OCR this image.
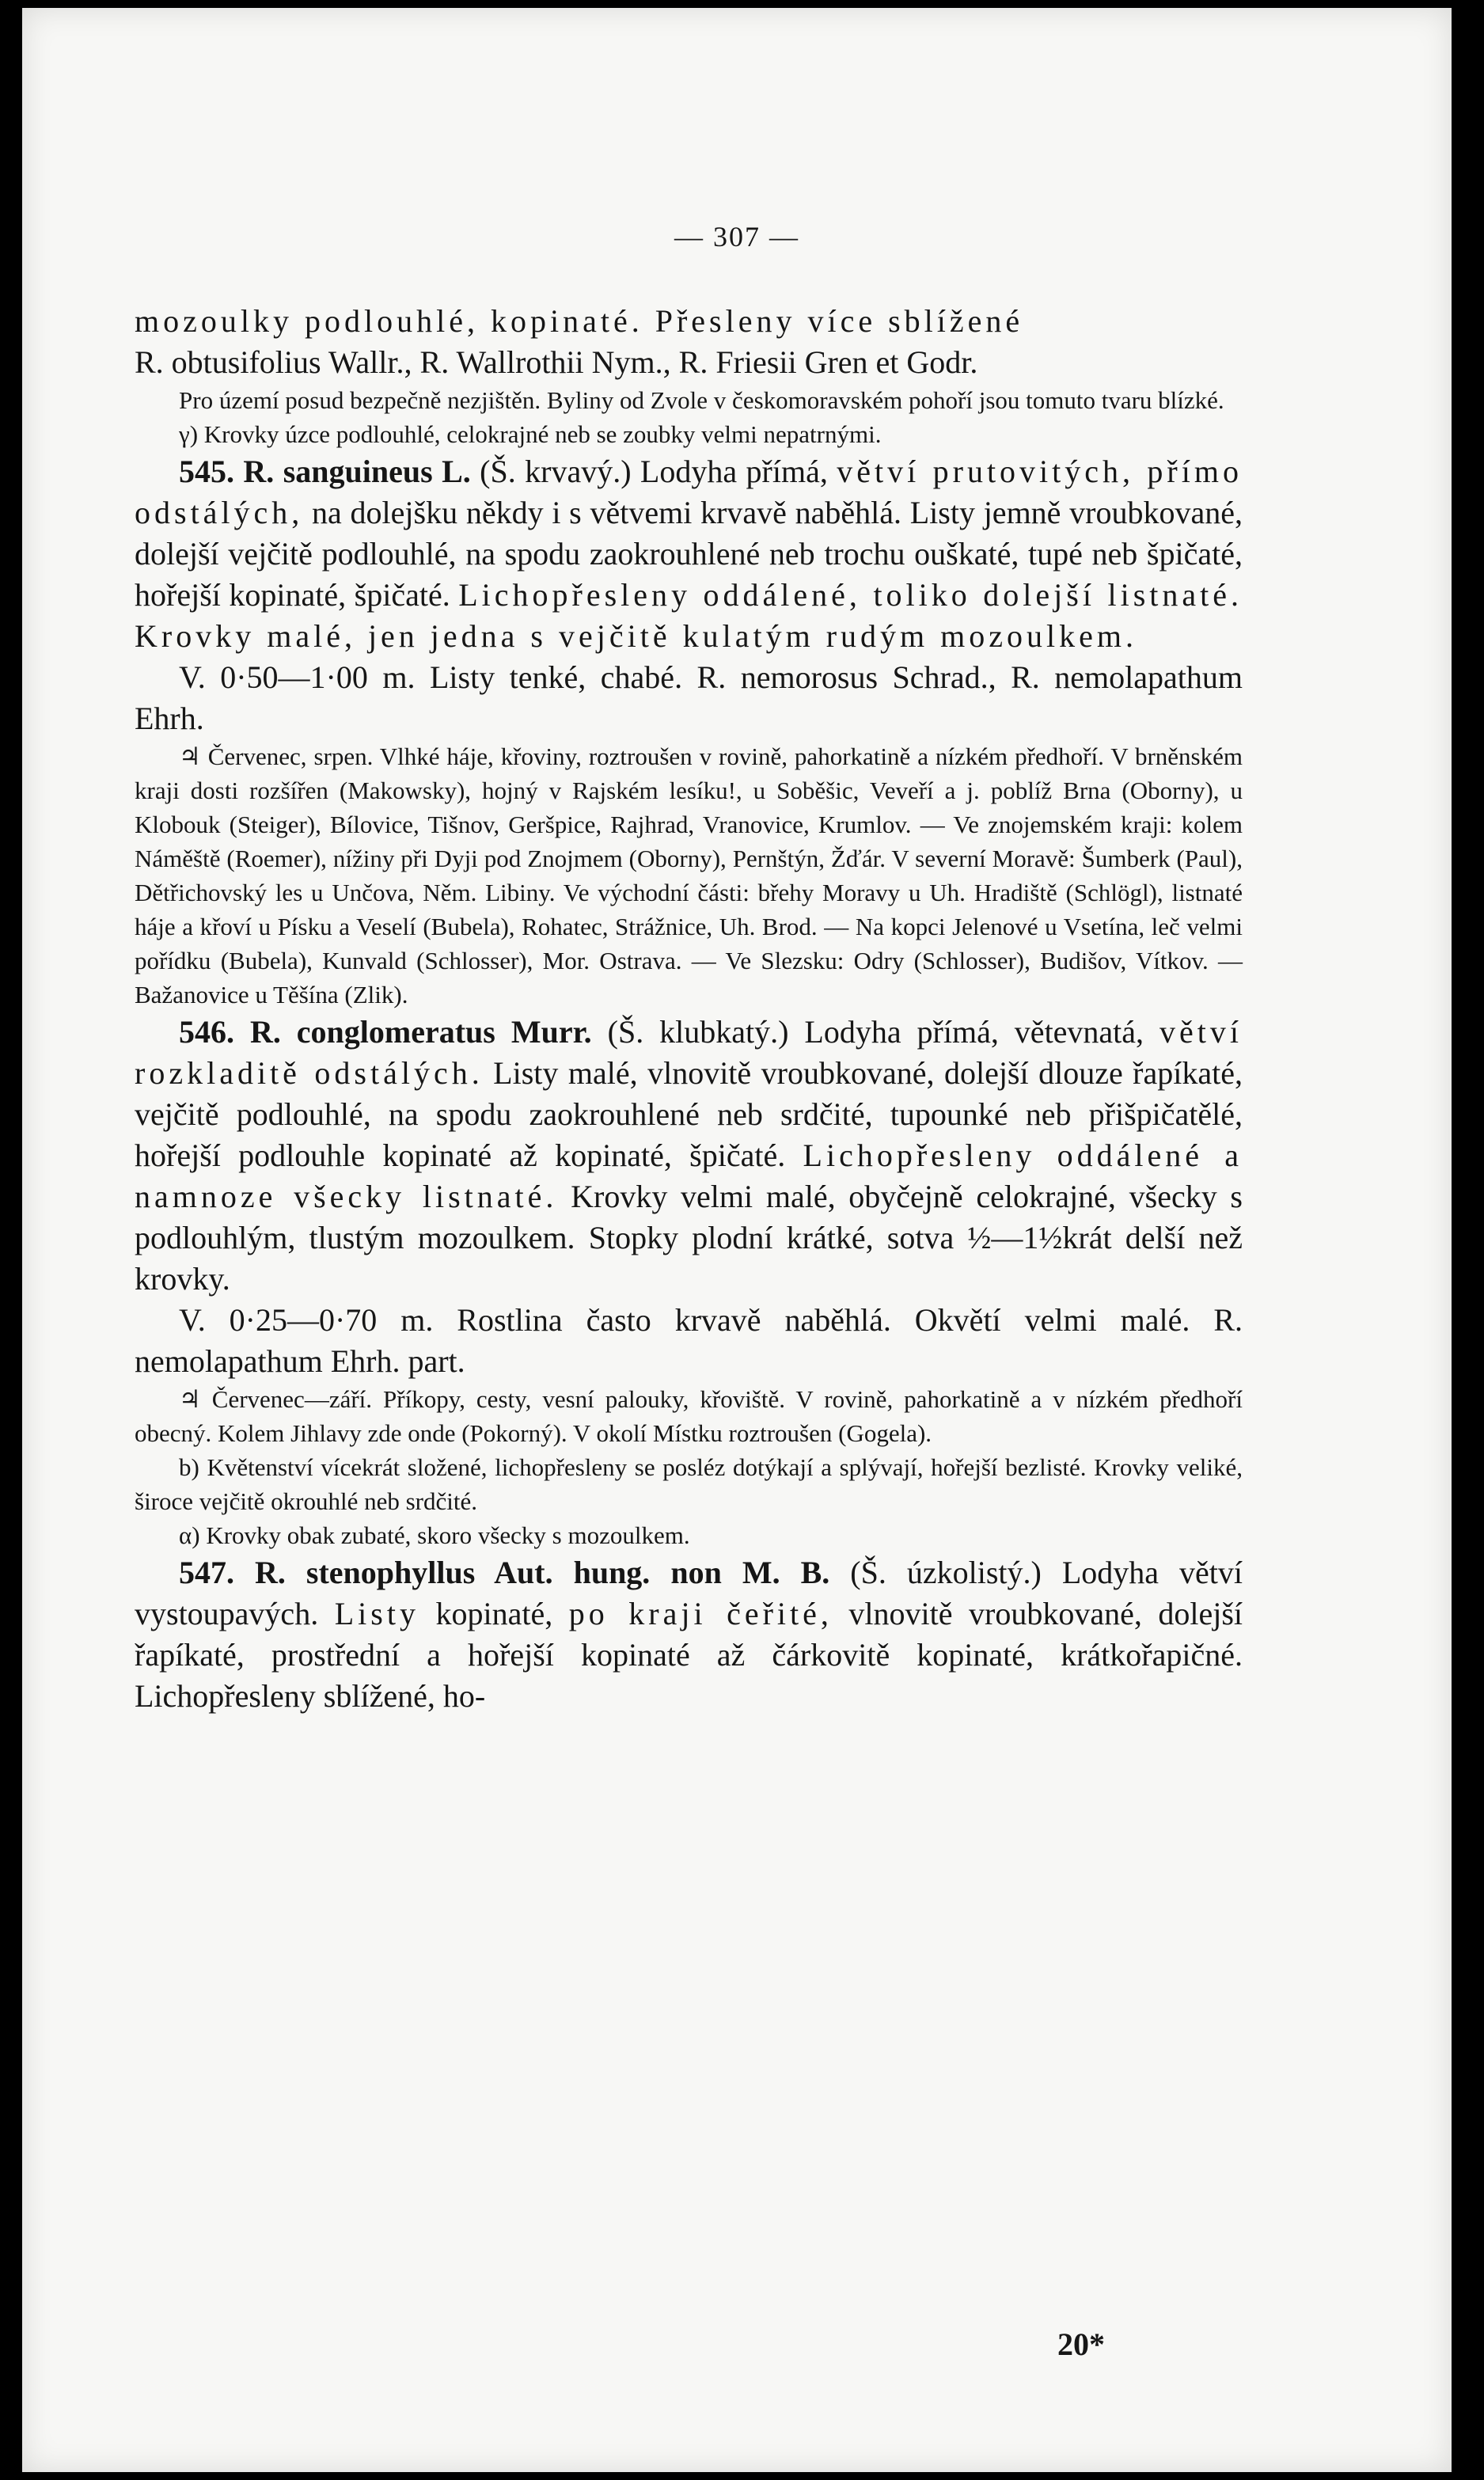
— 307 —

mozoulky podlouhlé, kopinaté. Přesleny více sblížené

R. obtusifolius Wallr., R. Wallrothii Nym., R. Friesii Gren et Godr.

Pro území posud bezpečně nezjištěn. Byliny od Zvole v českomoravském pohoří jsou tomuto tvaru blízké.

γ) Krovky úzce podlouhlé, celokrajné neb se zoubky velmi nepatrnými.

545. R. sanguineus L. (Š. krvavý.) Lodyha přímá, větví prutovitých, přímo odstálých, na dolejšku někdy i s větvemi krvavě naběhlá. Listy jemně vroubkované, dolejší vejčitě podlouhlé, na spodu zaokrouhlené neb trochu ouškaté, tupé neb špičaté, hořejší kopinaté, špičaté. Lichopřesleny oddálené, toliko dolejší listnaté. Krovky malé, jen jedna s vejčitě kulatým rudým mozoulkem.

V. 0·50—1·00 m. Listy tenké, chabé. R. nemorosus Schrad., R. nemolapathum Ehrh.

♃ Červenec, srpen. Vlhké háje, křoviny, roztroušen v rovině, pahorkatině a nízkém předhoří. V brněnském kraji dosti rozšířen (Makowsky), hojný v Rajském lesíku!, u Soběšic, Veveří a j. poblíž Brna (Oborny), u Klobouk (Steiger), Bílovice, Tišnov, Geršpice, Rajhrad, Vranovice, Krumlov. — Ve znojemském kraji: kolem Náměště (Roemer), nížiny při Dyji pod Znojmem (Oborny), Pernštýn, Žďár. V severní Moravě: Šumberk (Paul), Dětřichovský les u Unčova, Něm. Libiny. Ve východní části: břehy Moravy u Uh. Hradiště (Schlögl), listnaté háje a křoví u Písku a Veselí (Bubela), Rohatec, Strážnice, Uh. Brod. — Na kopci Jelenové u Vsetína, leč velmi pořídku (Bubela), Kunvald (Schlosser), Mor. Ostrava. — Ve Slezsku: Odry (Schlosser), Budišov, Vítkov. — Bažanovice u Těšína (Zlik).

546. R. conglomeratus Murr. (Š. klubkatý.) Lodyha přímá, větevnatá, větví rozkladitě odstálých. Listy malé, vlnovitě vroubkované, dolejší dlouze řapíkaté, vejčitě podlouhlé, na spodu zaokrouhlené neb srdčité, tupounké neb přišpičatělé, hořejší podlouhle kopinaté až kopinaté, špičaté. Lichopřesleny oddálené a namnoze všecky listnaté. Krovky velmi malé, obyčejně celokrajné, všecky s podlouhlým, tlustým mozoulkem. Stopky plodní krátké, sotva ½—1½krát delší než krovky.

V. 0·25—0·70 m. Rostlina často krvavě naběhlá. Okvětí velmi malé. R. nemolapathum Ehrh. part.

♃ Červenec—září. Příkopy, cesty, vesní palouky, křoviště. V rovině, pahorkatině a v nízkém předhoří obecný. Kolem Jihlavy zde onde (Pokorný). V okolí Místku roztroušen (Gogela).

b) Květenství vícekrát složené, lichopřesleny se posléz dotýkají a splývají, hořejší bezlisté. Krovky veliké, široce vejčitě okrouhlé neb srdčité.

α) Krovky obak zubaté, skoro všecky s mozoulkem.

547. R. stenophyllus Aut. hung. non M. B. (Š. úzkolistý.) Lodyha větví vystoupavých. Listy kopinaté, po kraji čeřité, vlnovitě vroubkované, dolejší řapíkaté, prostřední a hořejší kopinaté až čárkovitě kopinaté, krátkořapičné. Lichopřesleny sblížené, ho-

20*
